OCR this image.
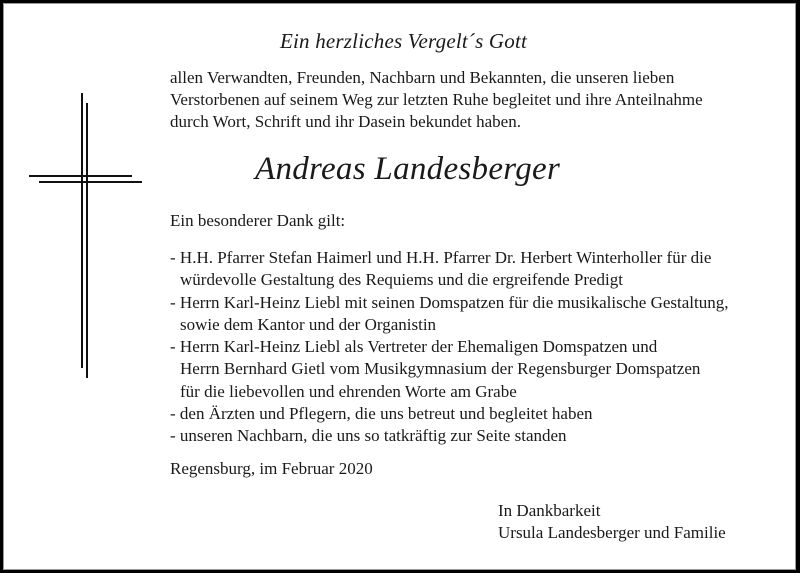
Ein herzliches Vergelt´s Gott
allen Verwandten, Freunden, Nachbarn und Bekannten, die unseren lieben
Verstorbenen auf seinem Weg zur letzten Ruhe begleitet und ihre Anteilnahme
durch Wort, Schrift und ihr Dasein bekundet haben.
Andreas Landesberger
Ein besonderer Dank gilt:
- H.H. Pfarrer Stefan Haimerl und H.H. Pfarrer Dr. Herbert Winterholler für die
würdevolle Gestaltung des Requiems und die ergreifende Predigt
- Herrn Karl-Heinz Liebl mit seinen Domspatzen für die musikalische Gestaltung,
sowie dem Kantor und der Organistin
- Herrn Karl-Heinz Liebl als Vertreter der Ehemaligen Domspatzen und
Herrn Bernhard Gietl vom Musikgymnasium der Regensburger Domspatzen
für die liebevollen und ehrenden Worte am Grabe
- den Ärzten und Pflegern, die uns betreut und begleitet haben
- unseren Nachbarn, die uns so tatkräftig zur Seite standen
Regensburg, im Februar 2020
In Dankbarkeit
Ursula Landesberger und Familie
